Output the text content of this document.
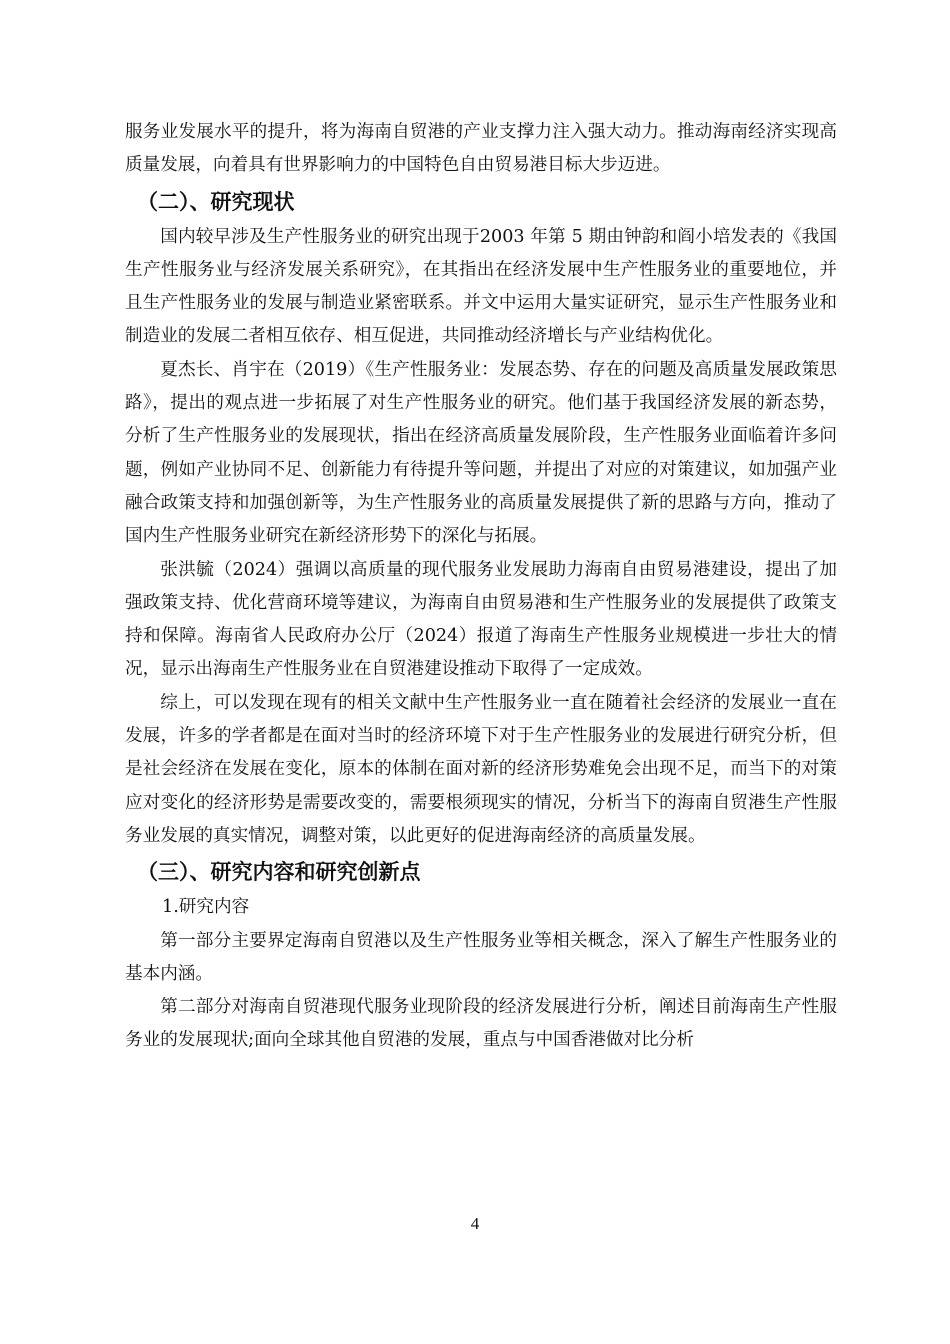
服务业发展水平的提升，将为海南自贸港的产业支撑力注入强大动力。推动海南经济实现高质量发展，向着具有世界影响力的中国特色自由贸易港目标大步迈进。

（二）、研究现状

国内较早涉及生产性服务业的研究出现于2003 年第 5 期由钟韵和阎小培发表的《我国生产性服务业与经济发展关系研究》，在其指出在经济发展中生产性服务业的重要地位，并且生产性服务业的发展与制造业紧密联系。并文中运用大量实证研究，显示生产性服务业和制造业的发展二者相互依存、相互促进，共同推动经济增长与产业结构优化。

夏杰长、肖宇在（2019）《生产性服务业：发展态势、存在的问题及高质量发展政策思路》，提出的观点进一步拓展了对生产性服务业的研究。他们基于我国经济发展的新态势，分析了生产性服务业的发展现状，指出在经济高质量发展阶段，生产性服务业面临着许多问题，例如产业协同不足、创新能力有待提升等问题，并提出了对应的对策建议，如加强产业融合政策支持和加强创新等，为生产性服务业的高质量发展提供了新的思路与方向，推动了国内生产性服务业研究在新经济形势下的深化与拓展。

张洪毓（2024）强调以高质量的现代服务业发展助力海南自由贸易港建设，提出了加强政策支持、优化营商环境等建议，为海南自由贸易港和生产性服务业的发展提供了政策支持和保障。海南省人民政府办公厅（2024）报道了海南生产性服务业规模进一步壮大的情况，显示出海南生产性服务业在自贸港建设推动下取得了一定成效。

综上，可以发现在现有的相关文献中生产性服务业一直在随着社会经济的发展业一直在发展，许多的学者都是在面对当时的经济环境下对于生产性服务业的发展进行研究分析，但是社会经济在发展在变化，原本的体制在面对新的经济形势难免会出现不足，而当下的对策应对变化的经济形势是需要改变的，需要根须现实的情况，分析当下的海南自贸港生产性服务业发展的真实情况，调整对策，以此更好的促进海南经济的高质量发展。

（三）、研究内容和研究创新点

1.研究内容

第一部分主要界定海南自贸港以及生产性服务业等相关概念，深入了解生产性服务业的基本内涵。

第二部分对海南自贸港现代服务业现阶段的经济发展进行分析，阐述目前海南生产性服务业的发展现状;面向全球其他自贸港的发展，重点与中国香港做对比分析

4
